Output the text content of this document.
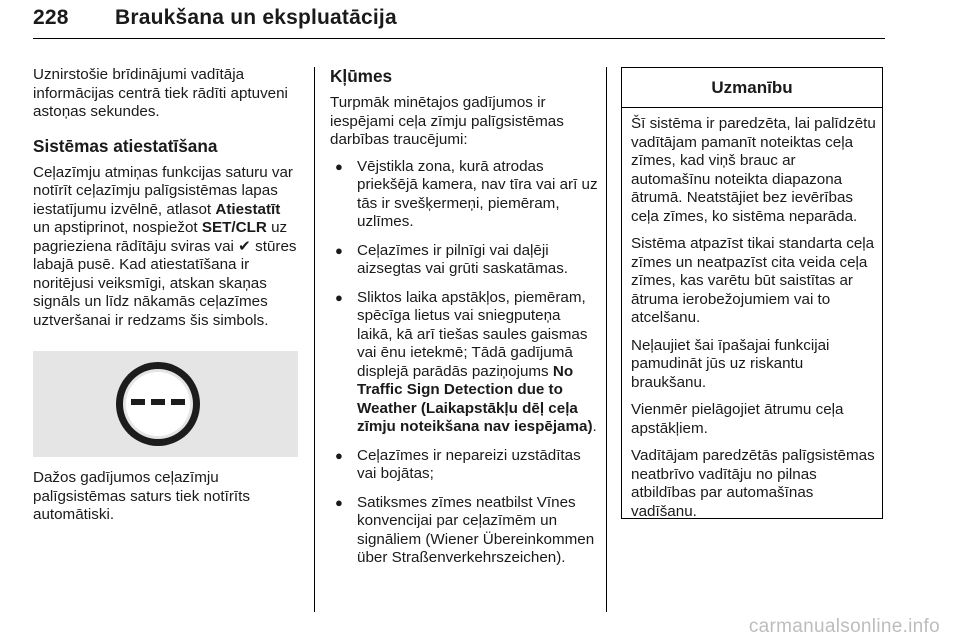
228 Braukšana un ekspluatācija

Uznirstošie brīdinājumi vadītāja informācijas centrā tiek rādīti aptuveni astoņas sekundes.

Sistēmas atiestatīšana

Ceļazīmju atmiņas funkcijas saturu var notīrīt ceļazīmju palīgsistēmas lapas iestatījumu izvēlnē, atlasot Atiestatīt un apstiprinot, nospiežot SET/CLR uz pagrieziena rādītāju sviras vai ✔ stūres labajā pusē. Kad atiestatīšana ir noritējusi veiksmīgi, atskan skaņas signāls un līdz nākamās ceļazīmes uztveršanai ir redzams šis simbols.

Dažos gadījumos ceļazīmju palīgsistēmas saturs tiek notīrīts automātiski.

Kļūmes

Turpmāk minētajos gadījumos ir iespējami ceļa zīmju palīgsistēmas darbības traucējumi:

● Vējstikla zona, kurā atrodas priekšējā kamera, nav tīra vai arī uz tās ir svešķermeņi, piemēram, uzlīmes.
● Ceļazīmes ir pilnīgi vai daļēji aizsegtas vai grūti saskatāmas.
● Sliktos laika apstākļos, piemēram, spēcīga lietus vai sniegputeņa laikā, kā arī tiešas saules gaismas vai ēnu ietekmē; Tādā gadījumā displejā parādās paziņojums No Traffic Sign Detection due to Weather (Laikapstākļu dēļ ceļa zīmju noteikšana nav iespējama).
● Ceļazīmes ir nepareizi uzstādītas vai bojātas;
● Satiksmes zīmes neatbilst Vīnes konvencijai par ceļazīmēm un signāliem (Wiener Übereinkommen über Straßenverkehrszeichen).
Uzmanību

Šī sistēma ir paredzēta, lai palīdzētu vadītājam pamanīt noteiktas ceļa zīmes, kad viņš brauc ar automašīnu noteikta diapazona ātrumā. Neatstājiet bez ievērības ceļa zīmes, ko sistēma neparāda.

Sistēma atpazīst tikai standarta ceļa zīmes un neatpazīst cita veida ceļa zīmes, kas varētu būt saistītas ar ātruma ierobežojumiem vai to atcelšanu.

Neļaujiet šai īpašajai funkcijai pamudināt jūs uz riskantu braukšanu.

Vienmēr pielāgojiet ātrumu ceļa apstākļiem.

Vadītājam paredzētās palīgsistēmas neatbrīvo vadītāju no pilnas atbildības par automašīnas vadīšanu.

carmanualsonline.info
